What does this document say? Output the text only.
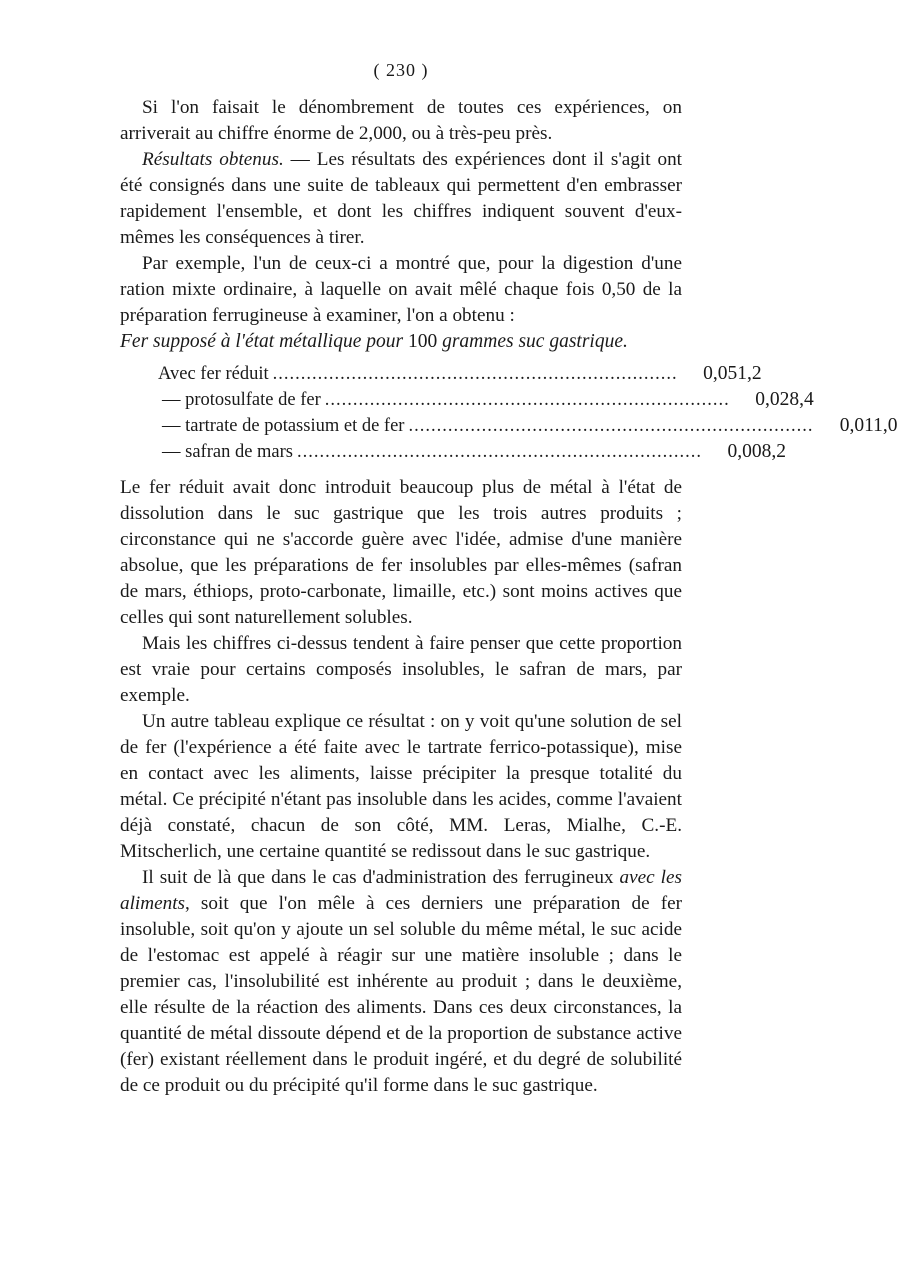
( 230 )

Si l'on faisait le dénombrement de toutes ces expériences, on arriverait au chiffre énorme de 2,000, ou à très-peu près.

Résultats obtenus. — Les résultats des expériences dont il s'agit ont été consignés dans une suite de tableaux qui permettent d'en embrasser rapidement l'ensemble, et dont les chiffres indiquent souvent d'eux-mêmes les conséquences à tirer.

Par exemple, l'un de ceux-ci a montré que, pour la digestion d'une ration mixte ordinaire, à laquelle on avait mêlé chaque fois 0,50 de la préparation ferrugineuse à examiner, l'on a obtenu :

Fer supposé à l'état métallique pour 100 grammes suc gastrique.
Avec fer réduit ........................................................................	0,051,2
— protosulfate de fer ........................................................................	0,028,4
— tartrate de potassium et de fer ........................................................................	0,011,0
— safran de mars ........................................................................	0,008,2

Le fer réduit avait donc introduit beaucoup plus de métal à l'état de dissolution dans le suc gastrique que les trois autres produits ; circonstance qui ne s'accorde guère avec l'idée, admise d'une manière absolue, que les préparations de fer insolubles par elles-mêmes (safran de mars, éthiops, proto-carbonate, limaille, etc.) sont moins actives que celles qui sont naturellement solubles.

Mais les chiffres ci-dessus tendent à faire penser que cette proportion est vraie pour certains composés insolubles, le safran de mars, par exemple.

Un autre tableau explique ce résultat : on y voit qu'une solution de sel de fer (l'expérience a été faite avec le tartrate ferrico-potassique), mise en contact avec les aliments, laisse précipiter la presque totalité du métal. Ce précipité n'étant pas insoluble dans les acides, comme l'avaient déjà constaté, chacun de son côté, MM. Leras, Mialhe, C.-E. Mitscherlich, une certaine quantité se redissout dans le suc gastrique.

Il suit de là que dans le cas d'administration des ferrugineux avec les aliments, soit que l'on mêle à ces derniers une préparation de fer insoluble, soit qu'on y ajoute un sel soluble du même métal, le suc acide de l'estomac est appelé à réagir sur une matière insoluble ; dans le premier cas, l'insolubilité est inhérente au produit ; dans le deuxième, elle résulte de la réaction des aliments. Dans ces deux circonstances, la quantité de métal dissoute dépend et de la proportion de substance active (fer) existant réellement dans le produit ingéré, et du degré de solubilité de ce produit ou du précipité qu'il forme dans le suc gastrique.
